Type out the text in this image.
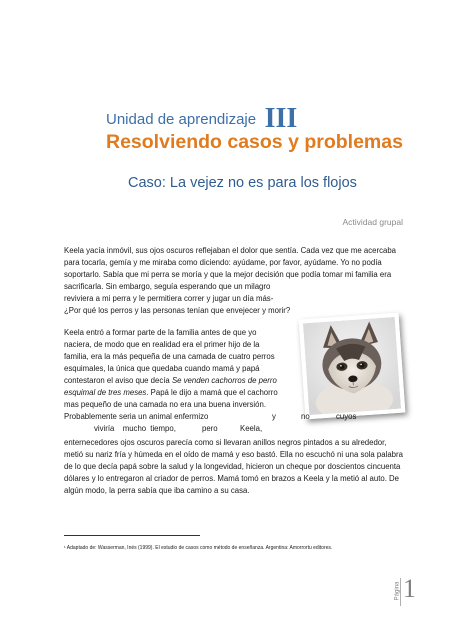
Unidad de aprendizaje III
Resolviendo casos y problemas
Caso: La vejez no es para los flojos
Actividad grupal
Keela yacía inmóvil, sus ojos oscuros reflejaban el dolor que sentía. Cada vez que me acercaba
para tocarla, gemía y me miraba como diciendo: ayúdame, por favor, ayúdame. Yo no podía
soportarlo. Sabía que mi perra se moría y que la mejor decisión que podía tomar mi familia era
sacrificarla. Sin embargo, seguía esperando que un milagro
reviviera a mi perra y le permitiera correr y jugar un día más-
¿Por qué los perros y las personas tenían que envejecer y morir?
Keela entró a formar parte de la familia antes de que yo
naciera, de modo que en realidad era el primer hijo de la
familia, era la más pequeña de una camada de cuatro perros
esquimales, la única que quedaba cuando mamá y papá
contestaron el aviso que decía Se venden cachorros de perro
esquimal de tres meses. Papá le dijo a mamá que el cachorro
mas pequeño de una camada no era una buena inversión.
Probablemente seria un animal enfermizo	y	no	cuyos
viviría mucho tiempo,	pero	Keela,
enternecedores ojos oscuros parecía como si llevaran anillos negros pintados a su alrededor,
metió su nariz fría y húmeda en el oído de mamá y eso bastó. Ella no escuchó ni una sola palabra
de lo que decía papá sobre la salud y la longevidad, hicieron un cheque por doscientos cincuenta
dólares y lo entregaron al criador de perros. Mamá tomó en brazos a Keela y la metió al auto. De
algún modo, la perra sabía que iba camino a su casa.
¹ Adaptado de: Wasserman, Inés (1999). El estudio de casos como método de enseñanza. Argentina: Amorrortu editores.
Página 1
